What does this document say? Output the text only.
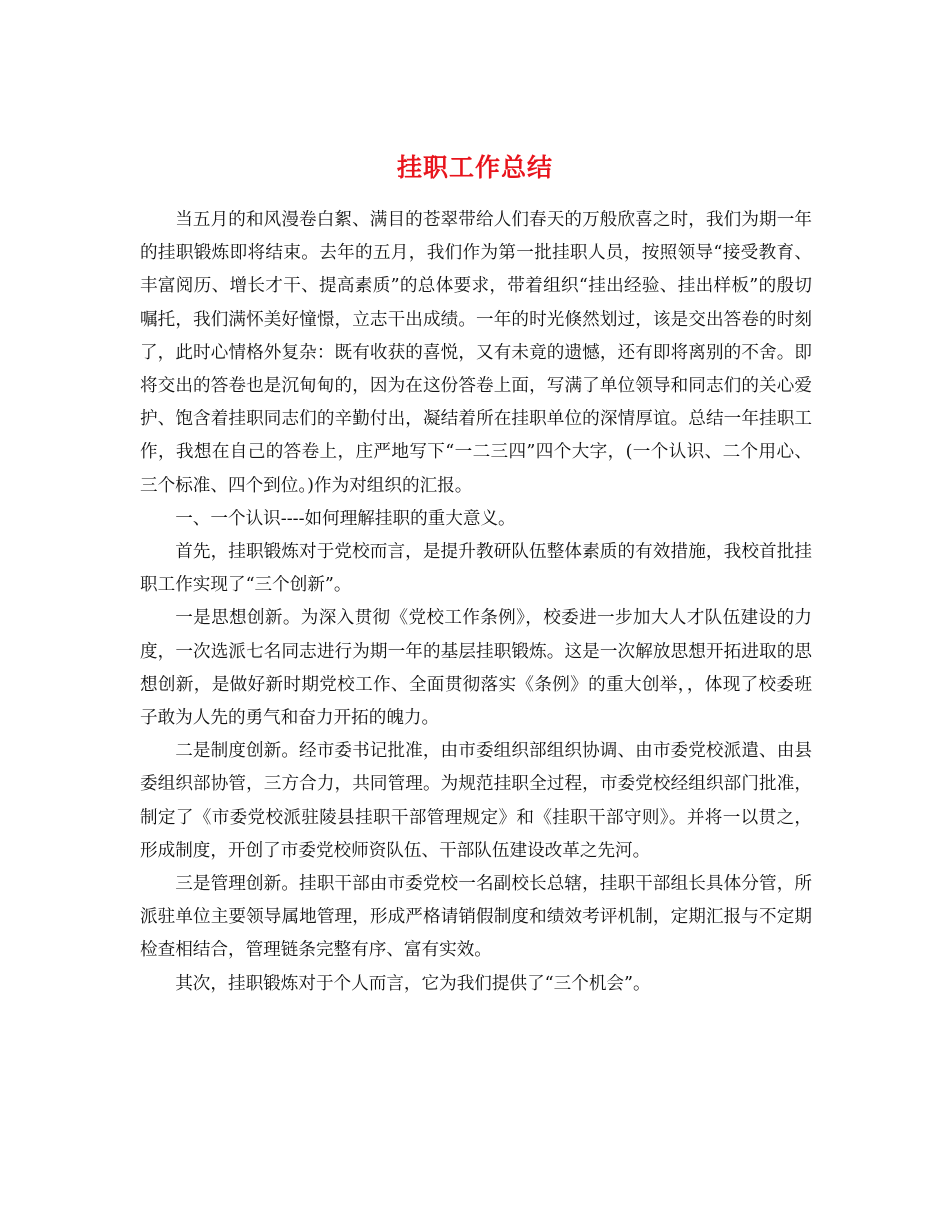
挂职工作总结

当五月的和风漫卷白絮、满目的苍翠带给人们春天的万般欣喜之时，我们为期一年的挂职锻炼即将结束。去年的五月，我们作为第一批挂职人员，按照领导“接受教育、丰富阅历、增长才干、提高素质”的总体要求，带着组织“挂出经验、挂出样板”的殷切嘱托，我们满怀美好憧憬，立志干出成绩。一年的时光倏然划过，该是交出答卷的时刻了，此时心情格外复杂：既有收获的喜悦，又有未竟的遗憾，还有即将离别的不舍。即将交出的答卷也是沉甸甸的，因为在这份答卷上面，写满了单位领导和同志们的关心爱护、饱含着挂职同志们的辛勤付出，凝结着所在挂职单位的深情厚谊。总结一年挂职工作，我想在自己的答卷上，庄严地写下“一二三四”四个大字，(一个认识、二个用心、三个标准、四个到位。)作为对组织的汇报。

一、一个认识----如何理解挂职的重大意义。

首先，挂职锻炼对于党校而言，是提升教研队伍整体素质的有效措施，我校首批挂职工作实现了“三个创新”。

一是思想创新。为深入贯彻《党校工作条例》，校委进一步加大人才队伍建设的力度，一次选派七名同志进行为期一年的基层挂职锻炼。这是一次解放思想开拓进取的思想创新，是做好新时期党校工作、全面贯彻落实《条例》的重大创举，，体现了校委班子敢为人先的勇气和奋力开拓的魄力。

二是制度创新。经市委书记批准，由市委组织部组织协调、由市委党校派遣、由县委组织部协管，三方合力，共同管理。为规范挂职全过程，市委党校经组织部门批准，制定了《市委党校派驻陵县挂职干部管理规定》和《挂职干部守则》。并将一以贯之，形成制度，开创了市委党校师资队伍、干部队伍建设改革之先河。

三是管理创新。挂职干部由市委党校一名副校长总辖，挂职干部组长具体分管，所派驻单位主要领导属地管理，形成严格请销假制度和绩效考评机制，定期汇报与不定期检查相结合，管理链条完整有序、富有实效。

其次，挂职锻炼对于个人而言，它为我们提供了“三个机会”。
